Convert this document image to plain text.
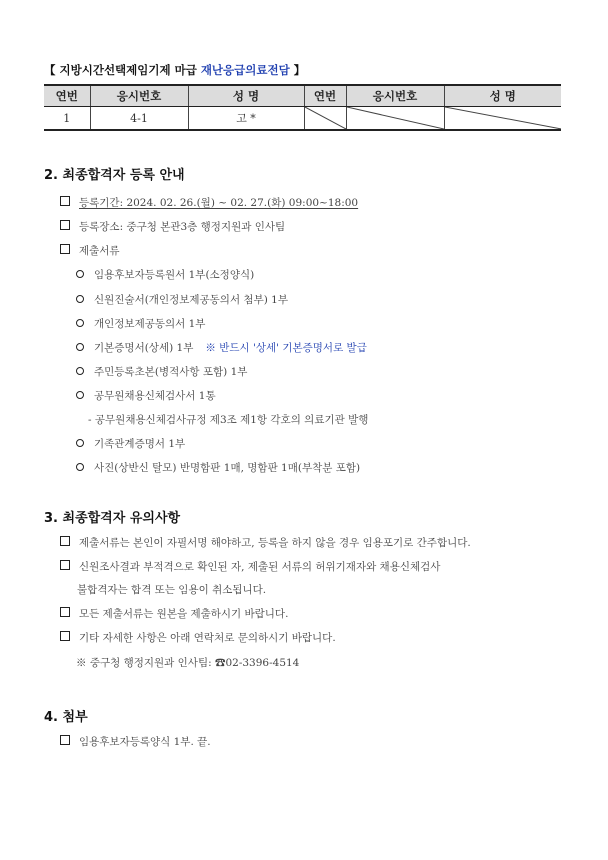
【 지방시간선택제임기제 마급 재난응급의료전담 】
연번	응시번호	성 명	연번	응시번호	성 명
1	4-1	고 *	

2. 최종합격자 등록 안내
등록기간: 2024. 02. 26.(월) ~ 02. 27.(화) 09:00~18:00
등록장소: 중구청 본관3층 행정지원과 인사팀
제출서류
임용후보자등록원서 1부(소정양식)
신원진술서(개인정보제공동의서 첨부) 1부
개인정보제공동의서 1부
기본증명서(상세) 1부 ※ 반드시 '상세' 기본증명서로 발급
주민등록초본(병적사항 포함) 1부
공무원채용신체검사서 1통
- 공무원채용신체검사규정 제3조 제1항 각호의 의료기관 발행
기족관계증명서 1부
사진(상반신 탈모) 반명함판 1매, 명함판 1매(부착분 포함)
3. 최종합격자 유의사항
제출서류는 본인이 자필서명 해야하고, 등록을 하지 않을 경우 임용포기로 간주합니다.
신원조사결과 부적격으로 확인된 자, 제출된 서류의 허위기재자와 채용신체검사
불합격자는 합격 또는 임용이 취소됩니다.
모든 제출서류는 원본을 제출하시기 바랍니다.
기타 자세한 사항은 아래 연락처로 문의하시기 바랍니다.
※ 중구청 행정지원과 인사팀: ☎02-3396-4514
4. 첨부
임용후보자등록양식 1부. 끝.
